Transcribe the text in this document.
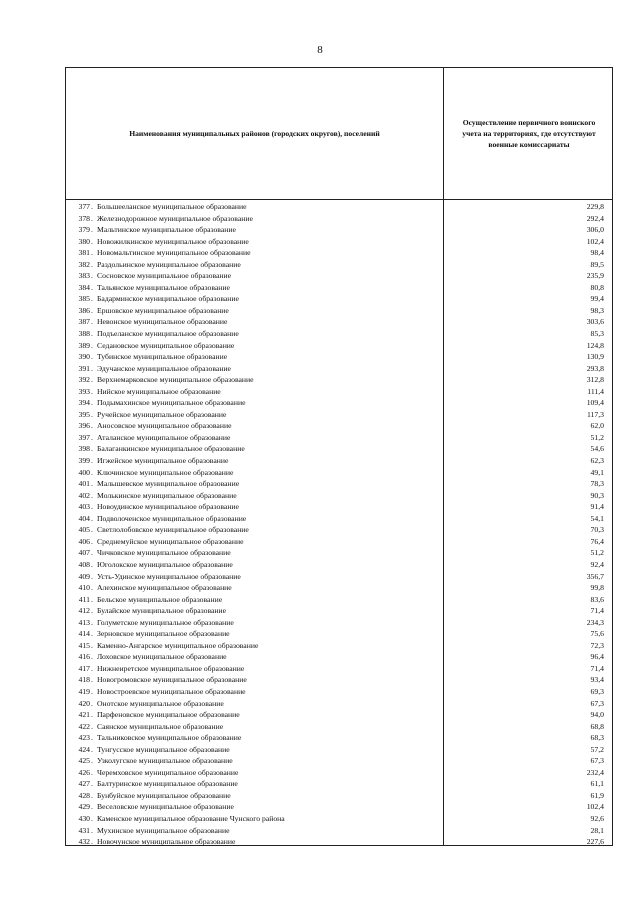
8
Наименования муниципальных районов (городских округов), поселений
Осуществление первичного воинского
учета на территориях, где отсутствуют
военные комиссариаты
377 . Большееланское муниципальное образование	229,8
378 . Железнодорожное муниципальное образование	292,4
379 . Мальтинское муниципальное образование	306,0
380 . Новожилкинское муниципальное образование	102,4
381 . Новомальтинское муниципальное образование	98,4
382 . Раздольинское муниципальное образование	89,5
383 . Сосновское муниципальное образование	235,9
384 . Тальянское муниципальное образование	80,8
385 . Бадарминское муниципальное образование	99,4
386 . Ершовское муниципальное образование	98,3
387 . Невонское муниципальное образование	303,6
388 . Подъеланское муниципальное образование	85,3
389 . Седановское муниципальное образование	124,8
390 . Тубинское муниципальное образование	130,9
391 . Эдучанское муниципальное образование	293,8
392 . Верхнемарковское муниципальное образование	312,8
393 . Нийское муниципальное образование	111,4
394 . Подымахинское муниципальное образование	109,4
395 . Ручейское муниципальное образование	117,3
396 . Аносовское муниципальное образование	62,0
397 . Аталанское муниципальное образование	51,2
398 . Балаганкинское муниципальное образование	54,6
399 . Игжейское муниципальное образование	62,3
400 . Ключинское муниципальное образование	49,1
401 . Малышевское муниципальное образование	78,3
402 . Молькинское муниципальное образование	90,3
403 . Новоудинское муниципальное образование	91,4
404 . Подволоченское муниципальное образование	54,1
405 . Светлолобовское муниципальное образование	70,3
406 . Среднемуйское муниципальное образование	76,4
407 . Чичковское муниципальное образование	51,2
408 . Юголокское муниципальное образование	92,4
409 . Усть-Удинское муниципальное образование	356,7
410 . Алехинское муниципальное образование	99,8
411 . Бельское муниципальное образование	83,6
412 . Булайское муниципальное образование	71,4
413 . Голуметское муниципальное образование	234,3
414 . Зерновское муниципальное образование	75,6
415 . Каменно-Ангарское муниципальное образование	72,3
416 . Лоховское муниципальное образование	96,4
417 . Нижнеиретское муниципальное образование	71,4
418 . Новогромовское муниципальное образование	93,4
419 . Новостроевское муниципальное образование	69,3
420 . Онотское муниципальное образование	67,3
421 . Парфеновское муниципальное образование	94,0
422 . Саянское муниципальное образование	68,8
423 . Тальниковское муниципальное образование	68,3
424 . Тунгусское муниципальное образование	57,2
425 . Узколугское муниципальное образование	67,3
426 . Черемховское муниципальное образование	232,4
427 . Балтуринское муниципальное образование	61,1
428 . Бунбуйское муниципальное образование	61,9
429 . Веселовское муниципальное образование	102,4
430 . Каменское муниципальное образование Чунского района	92,6
431 . Мухинское муниципальное образование	28,1
432 . Новочунское муниципальное образование	227,6
